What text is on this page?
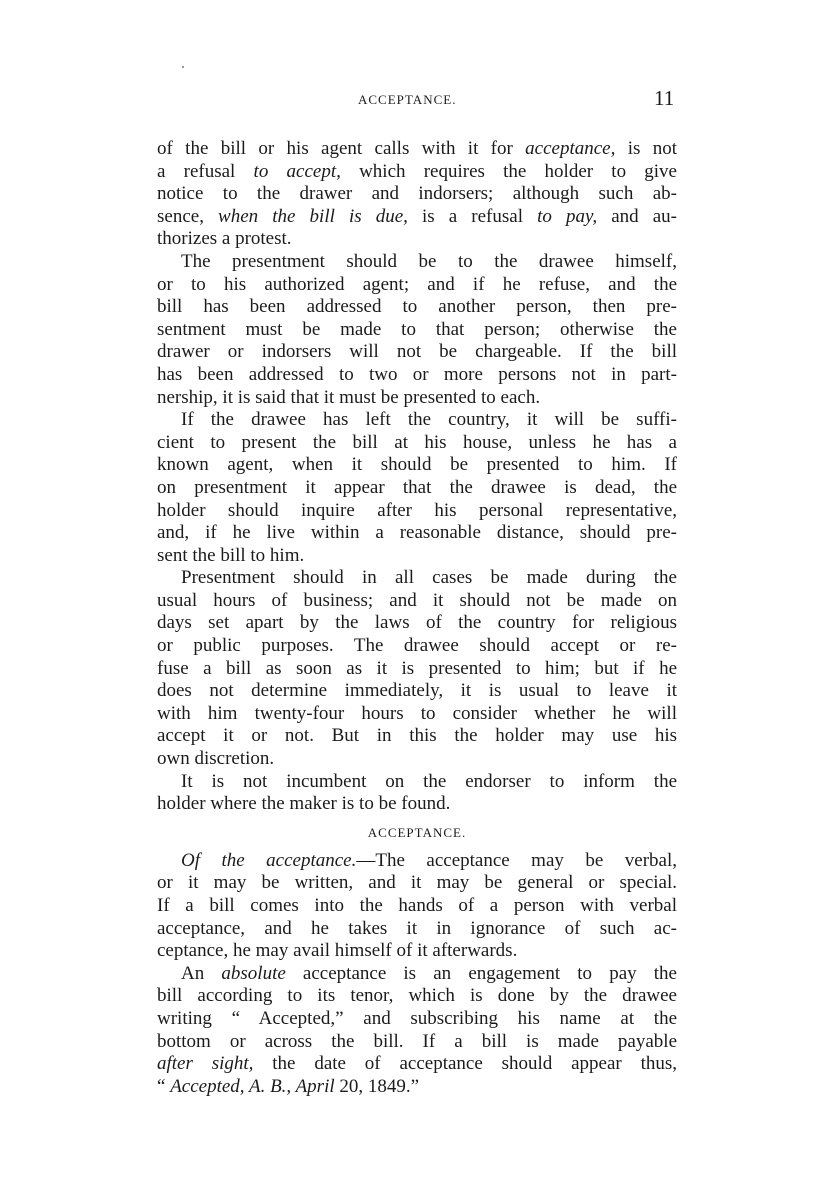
ACCEPTANCE.	11
of the bill or his agent calls with it for acceptance, is not
a refusal to accept, which requires the holder to give
notice to the drawer and indorsers; although such ab-
sence, when the bill is due, is a refusal to pay, and au-
thorizes a protest.
The presentment should be to the drawee himself,
or to his authorized agent; and if he refuse, and the
bill has been addressed to another person, then pre-
sentment must be made to that person; otherwise the
drawer or indorsers will not be chargeable. If the bill
has been addressed to two or more persons not in part-
nership, it is said that it must be presented to each.
If the drawee has left the country, it will be suffi-
cient to present the bill at his house, unless he has a
known agent, when it should be presented to him. If
on presentment it appear that the drawee is dead, the
holder should inquire after his personal representative,
and, if he live within a reasonable distance, should pre-
sent the bill to him.
Presentment should in all cases be made during the
usual hours of business; and it should not be made on
days set apart by the laws of the country for religious
or public purposes. The drawee should accept or re-
fuse a bill as soon as it is presented to him; but if he
does not determine immediately, it is usual to leave it
with him twenty-four hours to consider whether he will
accept it or not. But in this the holder may use his
own discretion.
It is not incumbent on the endorser to inform the
holder where the maker is to be found.
ACCEPTANCE.
Of the acceptance.—The acceptance may be verbal,
or it may be written, and it may be general or special.
If a bill comes into the hands of a person with verbal
acceptance, and he takes it in ignorance of such ac-
ceptance, he may avail himself of it afterwards.
An absolute acceptance is an engagement to pay the
bill according to its tenor, which is done by the drawee
writing “ Accepted,” and subscribing his name at the
bottom or across the bill. If a bill is made payable
after sight, the date of acceptance should appear thus,
“ Accepted, A. B., April 20, 1849.”
